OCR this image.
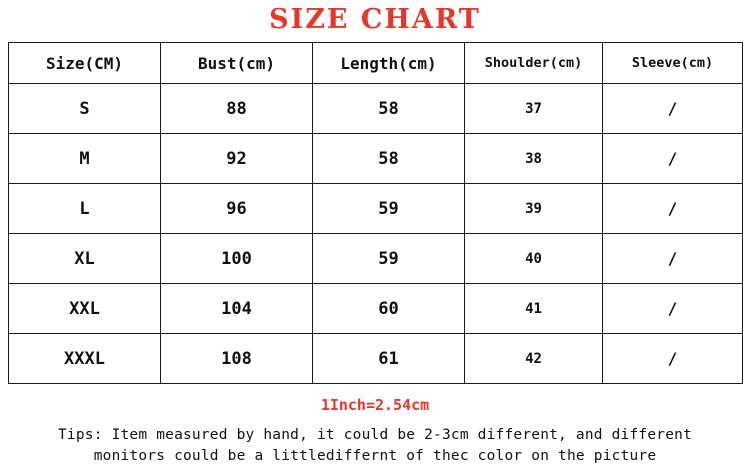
SIZE CHART
Size(CM)	Bust(cm)	Length(cm)	Shoulder(cm)	Sleeve(cm)
S	88	58	37	/
M	92	58	38	/
L	96	59	39	/
XL	100	59	40	/
XXL	104	60	41	/
XXXL	108	61	42	/
1Inch=2.54cm
Tips: Item measured by hand, it could be 2-3cm different, and different
monitors could be a littlediffernt of thec color on the picture
